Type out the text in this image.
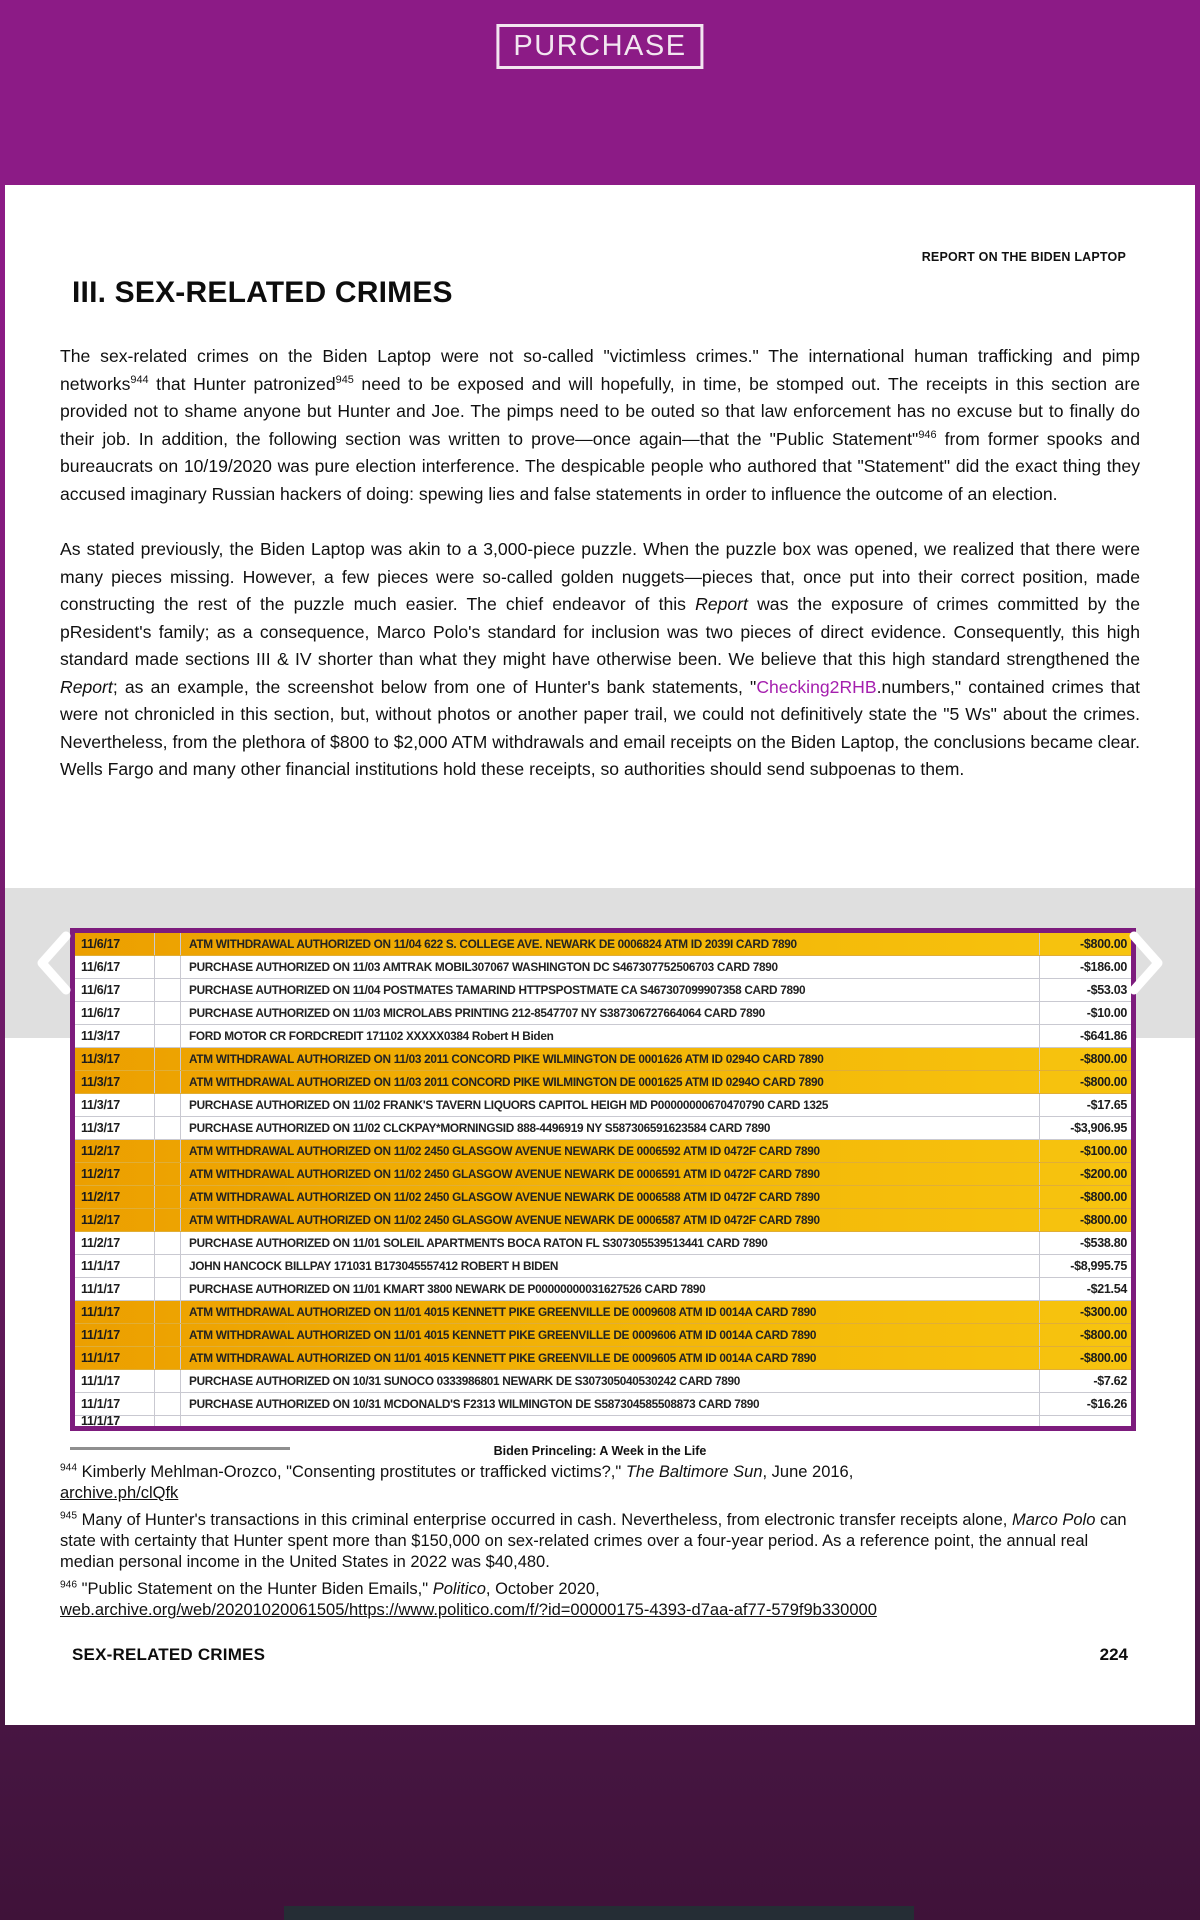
PURCHASE
REPORT ON THE BIDEN LAPTOP
III. SEX-RELATED CRIMES

The sex-related crimes on the Biden Laptop were not so-called "victimless crimes." The international human trafficking and pimp networks$^{944}$ that Hunter patronized$^{945}$ need to be exposed and will hopefully, in time, be stomped out. The receipts in this section are provided not to shame anyone but Hunter and Joe. The pimps need to be outed so that law enforcement has no excuse but to finally do their job. In addition, the following section was written to prove—once again—that the "Public Statement"$^{946}$ from former spooks and bureaucrats on 10/19/2020 was pure election interference. The despicable people who authored that "Statement" did the exact thing they accused imaginary Russian hackers of doing: spewing lies and false statements in order to influence the outcome of an election.

As stated previously, the Biden Laptop was akin to a 3,000-piece puzzle. When the puzzle box was opened, we realized that there were many pieces missing. However, a few pieces were so-called golden nuggets—pieces that, once put into their correct position, made constructing the rest of the puzzle much easier. The chief endeavor of this Report was the exposure of crimes committed by the pResident's family; as a consequence, Marco Polo's standard for inclusion was two pieces of direct evidence. Consequently, this high standard made sections III & IV shorter than what they might have otherwise been. We believe that this high standard strengthened the Report; as an example, the screenshot below from one of Hunter's bank statements, "Checking2RHB.numbers," contained crimes that were not chronicled in this section, but, without photos or another paper trail, we could not definitively state the "5 Ws" about the crimes. Nevertheless, from the plethora of $800 to $2,000 ATM withdrawals and email receipts on the Biden Laptop, the conclusions became clear. Wells Fargo and many other financial institutions hold these receipts, so authorities should send subpoenas to them.

11/6/17	ATM WITHDRAWAL AUTHORIZED ON 11/04 622 S. COLLEGE AVE. NEWARK DE 0006824 ATM ID 2039I CARD 7890	-$800.00
11/6/17	PURCHASE AUTHORIZED ON 11/03 AMTRAK MOBIL307067 WASHINGTON DC S467307752506703 CARD 7890	-$186.00
11/6/17	PURCHASE AUTHORIZED ON 11/04 POSTMATES TAMARIND HTTPSPOSTMATE CA S467307099907358 CARD 7890	-$53.03
11/6/17	PURCHASE AUTHORIZED ON 11/03 MICROLABS PRINTING 212-8547707 NY S387306727664064 CARD 7890	-$10.00
11/3/17	FORD MOTOR CR FORDCREDIT 171102 XXXXX0384 Robert H Biden	-$641.86
11/3/17	ATM WITHDRAWAL AUTHORIZED ON 11/03 2011 CONCORD PIKE WILMINGTON DE 0001626 ATM ID 0294O CARD 7890	-$800.00
11/3/17	ATM WITHDRAWAL AUTHORIZED ON 11/03 2011 CONCORD PIKE WILMINGTON DE 0001625 ATM ID 0294O CARD 7890	-$800.00
11/3/17	PURCHASE AUTHORIZED ON 11/02 FRANK'S TAVERN LIQUORS CAPITOL HEIGH MD P00000000670470790 CARD 1325	-$17.65
11/3/17	PURCHASE AUTHORIZED ON 11/02 CLCKPAY*MORNINGSID 888-4496919 NY S587306591623584 CARD 7890	-$3,906.95
11/2/17	ATM WITHDRAWAL AUTHORIZED ON 11/02 2450 GLASGOW AVENUE NEWARK DE 0006592 ATM ID 0472F CARD 7890	-$100.00
11/2/17	ATM WITHDRAWAL AUTHORIZED ON 11/02 2450 GLASGOW AVENUE NEWARK DE 0006591 ATM ID 0472F CARD 7890	-$200.00
11/2/17	ATM WITHDRAWAL AUTHORIZED ON 11/02 2450 GLASGOW AVENUE NEWARK DE 0006588 ATM ID 0472F CARD 7890	-$800.00
11/2/17	ATM WITHDRAWAL AUTHORIZED ON 11/02 2450 GLASGOW AVENUE NEWARK DE 0006587 ATM ID 0472F CARD 7890	-$800.00
11/2/17	PURCHASE AUTHORIZED ON 11/01 SOLEIL APARTMENTS BOCA RATON FL S307305539513441 CARD 7890	-$538.80
11/1/17	JOHN HANCOCK BILLPAY 171031 B173045557412 ROBERT H BIDEN	-$8,995.75
11/1/17	PURCHASE AUTHORIZED ON 11/01 KMART 3800 NEWARK DE P00000000031627526 CARD 7890	-$21.54
11/1/17	ATM WITHDRAWAL AUTHORIZED ON 11/01 4015 KENNETT PIKE GREENVILLE DE 0009608 ATM ID 0014A CARD 7890	-$300.00
11/1/17	ATM WITHDRAWAL AUTHORIZED ON 11/01 4015 KENNETT PIKE GREENVILLE DE 0009606 ATM ID 0014A CARD 7890	-$800.00
11/1/17	ATM WITHDRAWAL AUTHORIZED ON 11/01 4015 KENNETT PIKE GREENVILLE DE 0009605 ATM ID 0014A CARD 7890	-$800.00
11/1/17	PURCHASE AUTHORIZED ON 10/31 SUNOCO 0333986801 NEWARK DE S307305040530242 CARD 7890	-$7.62
11/1/17	PURCHASE AUTHORIZED ON 10/31 MCDONALD'S F2313 WILMINGTON DE S587304585508873 CARD 7890	-$16.26
11/1/17
Biden Princeling: A Week in the Life
$^{944}$ Kimberly Mehlman-Orozco, "Consenting prostitutes or trafficked victims?," The Baltimore Sun, June 2016,
archive.ph/clQfk
$^{945}$ Many of Hunter's transactions in this criminal enterprise occurred in cash. Nevertheless, from electronic transfer receipts alone, Marco Polo can state with certainty that Hunter spent more than $150,000 on sex-related crimes over a four-year period. As a reference point, the annual real median personal income in the United States in 2022 was $40,480.
$^{946}$ "Public Statement on the Hunter Biden Emails," Politico, October 2020,
web.archive.org/web/20201020061505/https://www.politico.com/f/?id=00000175-4393-d7aa-af77-579f9b330000
SEX-RELATED CRIMES	224
